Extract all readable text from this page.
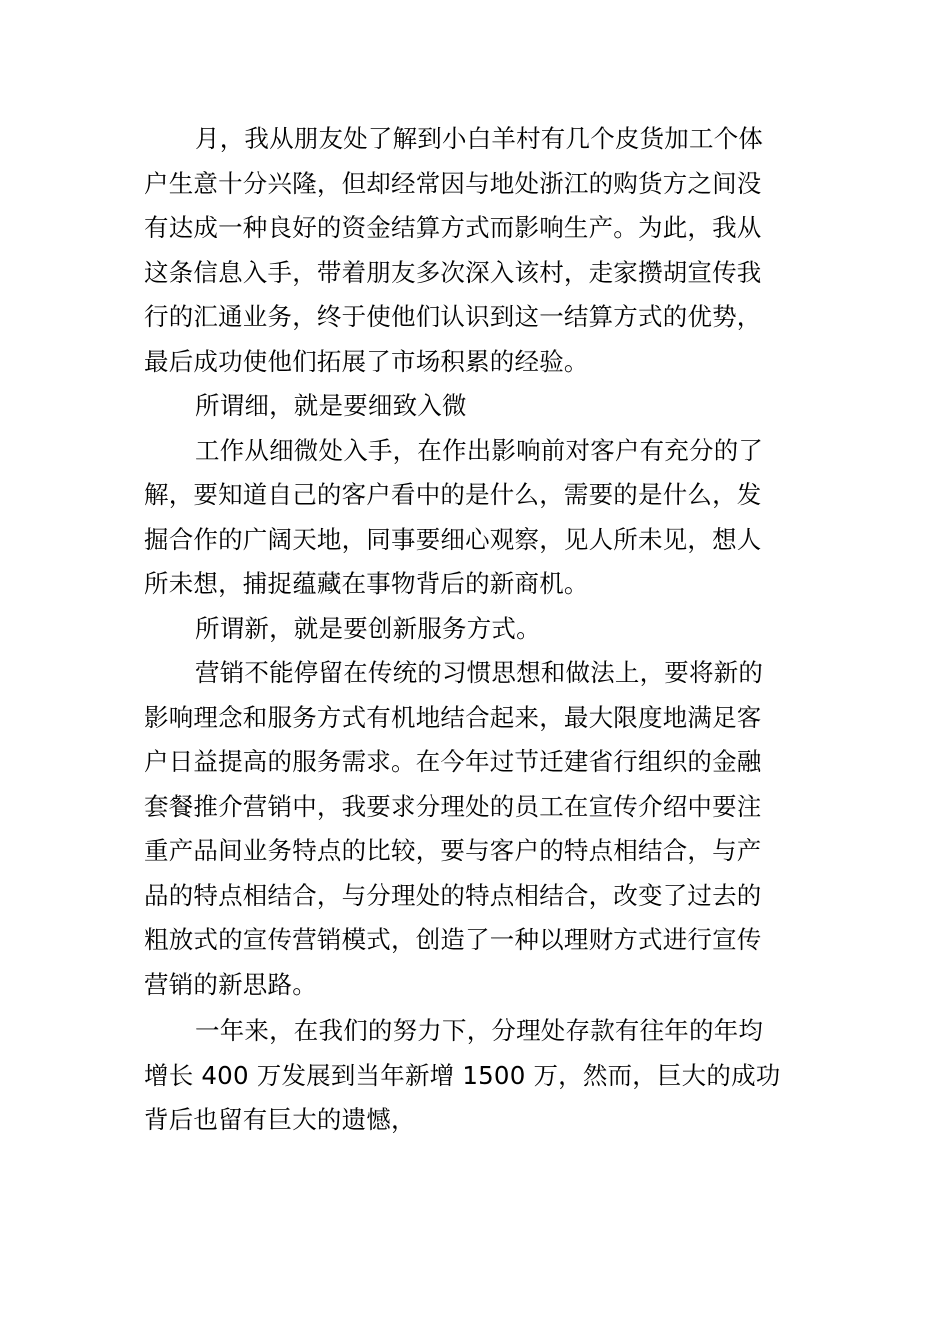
月，我从朋友处了解到小白羊村有几个皮货加工个体
户生意十分兴隆，但却经常因与地处浙江的购货方之间没
有达成一种良好的资金结算方式而影响生产。为此，我从
这条信息入手，带着朋友多次深入该村，走家攒胡宣传我
行的汇通业务，终于使他们认识到这一结算方式的优势，
最后成功使他们拓展了市场积累的经验。
所谓细，就是要细致入微
工作从细微处入手，在作出影响前对客户有充分的了
解，要知道自己的客户看中的是什么，需要的是什么，发
掘合作的广阔天地，同事要细心观察，见人所未见，想人
所未想，捕捉蕴藏在事物背后的新商机。
所谓新，就是要创新服务方式。
营销不能停留在传统的习惯思想和做法上，要将新的
影响理念和服务方式有机地结合起来，最大限度地满足客
户日益提高的服务需求。在今年过节迁建省行组织的金融
套餐推介营销中，我要求分理处的员工在宣传介绍中要注
重产品间业务特点的比较，要与客户的特点相结合，与产
品的特点相结合，与分理处的特点相结合，改变了过去的
粗放式的宣传营销模式，创造了一种以理财方式进行宣传
营销的新思路。
一年来，在我们的努力下，分理处存款有往年的年均
增长 400 万发展到当年新增 1500 万，然而，巨大的成功
背后也留有巨大的遗憾，
